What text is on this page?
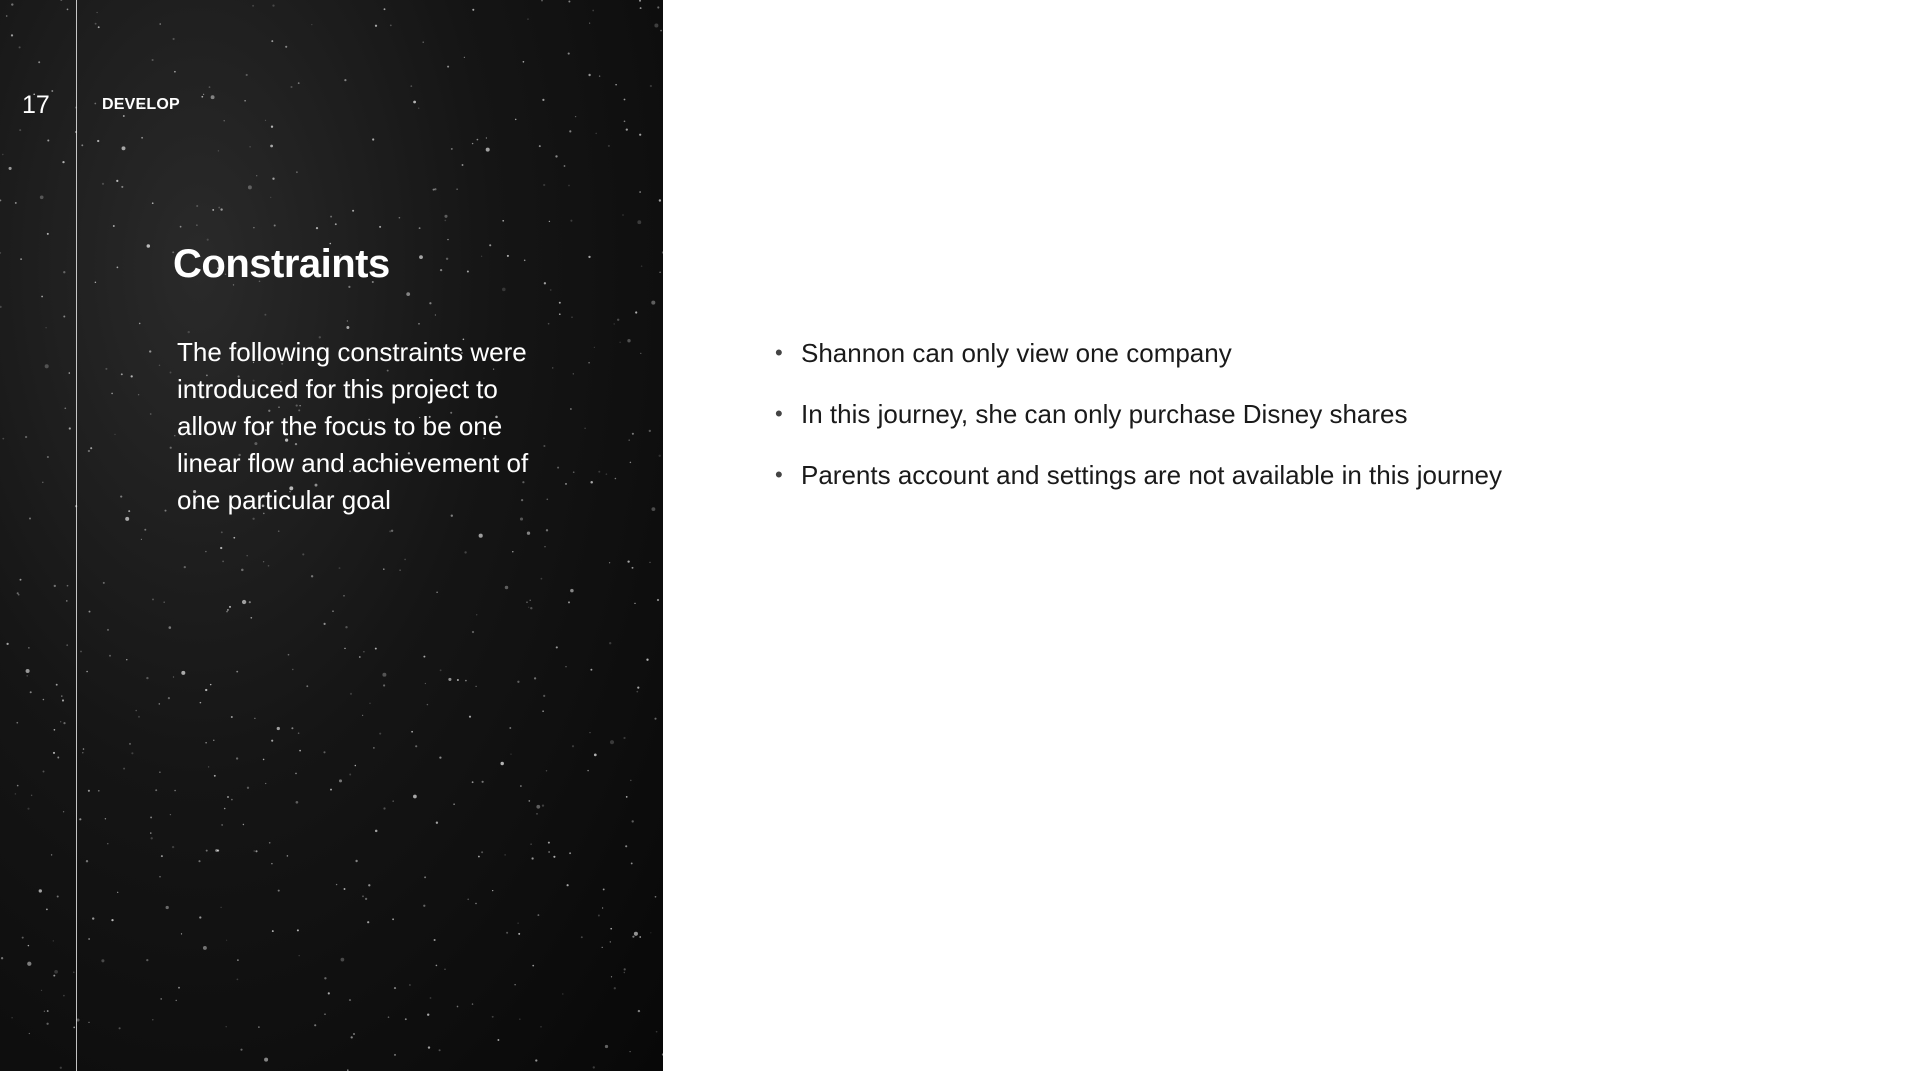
17	DEVELOP
Constraints

The following constraints were introduced for this project to allow for the focus to be one linear flow and achievement of one particular goal

• Shannon can only view one company
• In this journey, she can only purchase Disney shares
• Parents account and settings are not available in this journey
